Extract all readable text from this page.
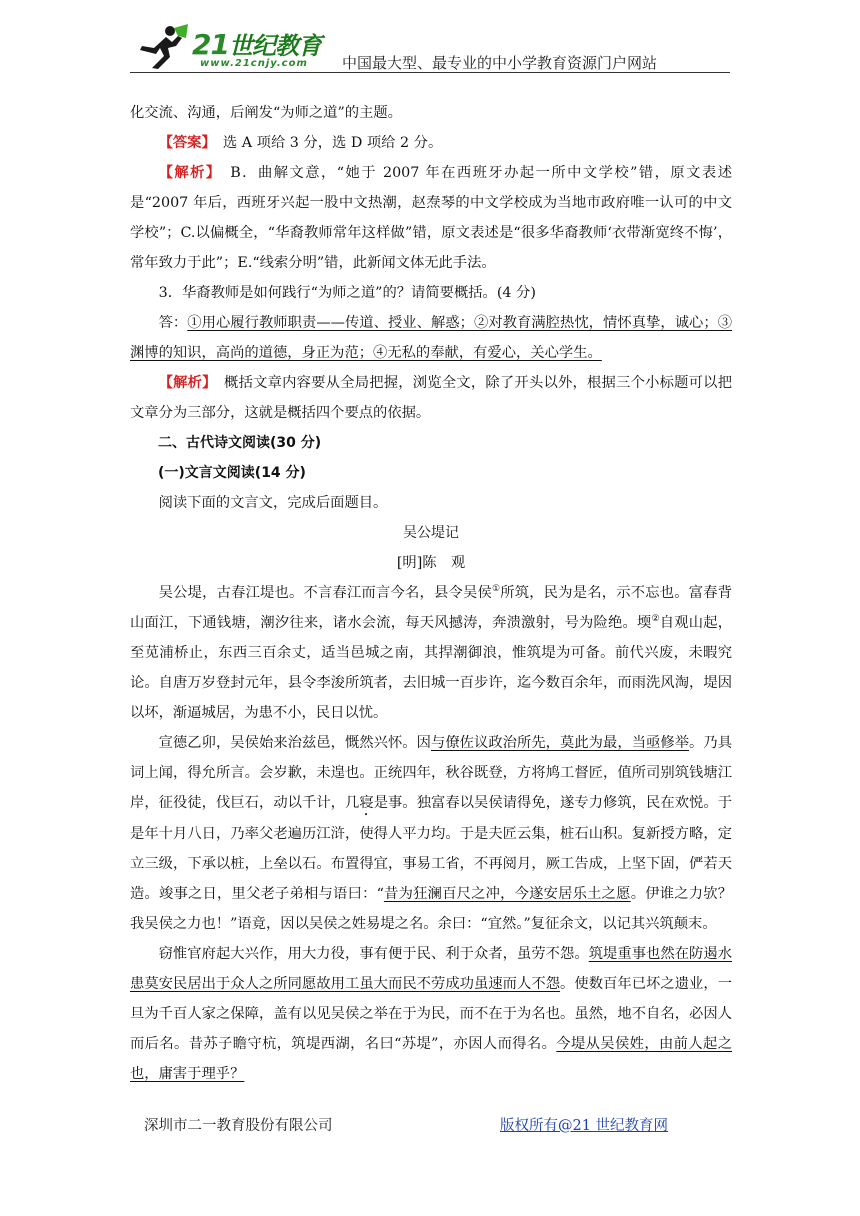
21世纪教育
www.21cnjy.com 中国最大型、最专业的中小学教育资源门户网站

化交流、沟通，后阐发“为师之道”的主题。

【答案】　选 A 项给 3 分，选 D 项给 2 分。

【解析】　B．曲解文意，“她于 2007 年在西班牙办起一所中文学校”错，原文表述是“2007 年后，西班牙兴起一股中文热潮，赵焘琴的中文学校成为当地市政府唯一认可的中文学校”；C.以偏概全，“华裔教师常年这样做”错，原文表述是“很多华裔教师‘衣带渐宽终不悔’，常年致力于此”；E.“线索分明”错，此新闻文体无此手法。

3．华裔教师是如何践行“为师之道”的？请简要概括。(4 分)

答：①用心履行教师职责——传道、授业、解惑；②对教育满腔热忱，情怀真挚，诚心；③渊博的知识，高尚的道德，身正为范；④无私的奉献，有爱心，关心学生。

【解析】　概括文章内容要从全局把握，浏览全文，除了开头以外，根据三个小标题可以把文章分为三部分，这就是概括四个要点的依据。

二、古代诗文阅读(30 分)

(一)文言文阅读(14 分)

阅读下面的文言文，完成后面题目。

吴公堤记

[明]陈　观

吴公堤，古春江堤也。不言春江而言今名，县令吴侯①所筑，民为是名，示不忘也。富春背山面江，下通钱塘，潮汐往来，诸水会流，每天风撼涛，奔溃激射，号为险绝。堧②自观山起，至苋浦桥止，东西三百余丈，适当邑城之南，其捍潮御浪，惟筑堤为可备。前代兴废，未暇究论。自唐万岁登封元年，县令李浚所筑者，去旧城一百步许，迄今数百余年，而雨洗风淘，堤因以坏，渐逼城居，为患不小，民日以忧。

宣德乙卯，吴侯始来治兹邑，慨然兴怀。因与僚佐议政治所先，莫此为最，当亟修举。乃具词上闻，得允所言。会岁歉，未遑也。正统四年，秋谷既登，方将鸠工督匠，值所司别筑钱塘江岸，征役徒，伐巨石，动以千计，几寝是事。独富春以吴侯请得免，遂专力修筑，民在欢悦。于是年十月八日，乃率父老遍历江浒，使得人平力均。于是夫匠云集，桩石山积。复新授方略，定立三级，下承以桩，上垒以石。布置得宜，事易工省，不再阅月，厥工告成，上坚下固，俨若天造。竣事之日，里父老子弟相与语曰：“昔为狂澜百尺之冲，今遂安居乐土之愿。伊谁之力欤？我吴侯之力也！”语竟，因以吴侯之姓易堤之名。余曰：“宜然。”复征余文，以记其兴筑颠末。

窃惟官府起大兴作，用大力役，事有便于民、利于众者，虽劳不怨。筑堤重事也然在防遏水患莫安民居出于众人之所同愿故用工虽大而民不劳成功虽速而人不怨。使数百年已坏之遗业，一旦为千百人家之保障，盖有以见吴侯之举在于为民，而不在于为名也。虽然，地不自名，必因人而后名。昔苏子瞻守杭，筑堤西湖，名曰“苏堤”，亦因人而得名。今堤从吴侯姓，由前人起之也，庸害于理乎？

深圳市二一教育股份有限公司	版权所有@21 世纪教育网
